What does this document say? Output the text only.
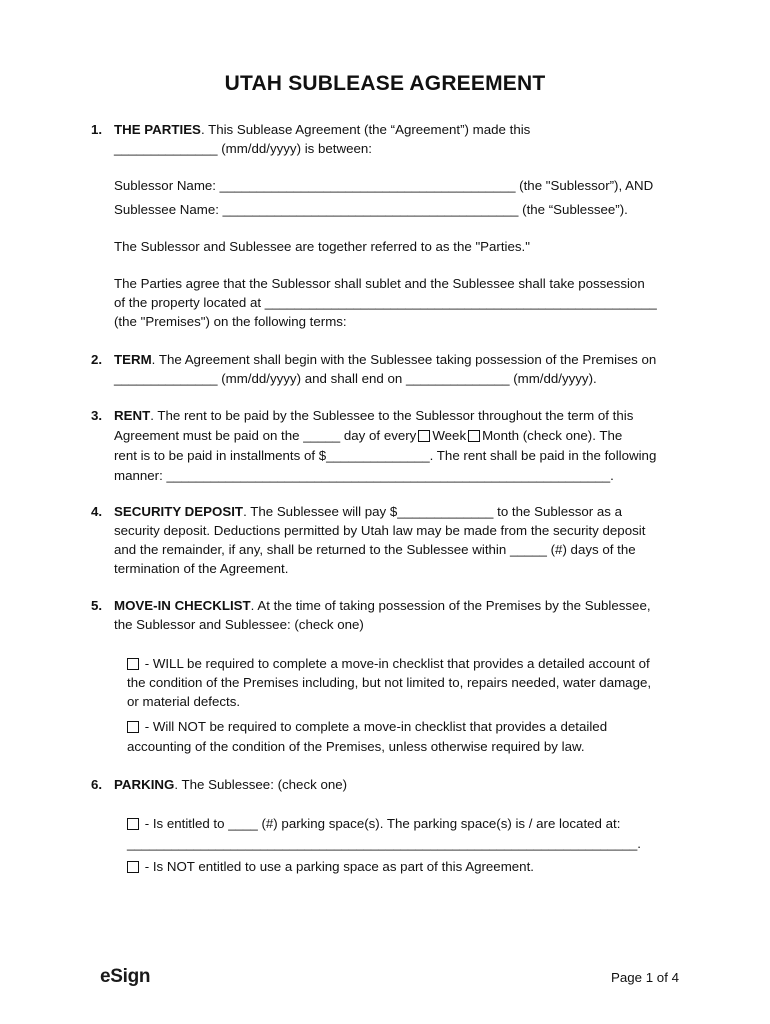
UTAH SUBLEASE AGREEMENT
1. THE PARTIES. This Sublease Agreement (the “Agreement”) made this
______________ (mm/dd/yyyy) is between:
Sublessor Name: ________________________________________ (the "Sublessor”), AND
Sublessee Name: ________________________________________ (the “Sublessee”).
The Sublessor and Sublessee are together referred to as the "Parties."
The Parties agree that the Sublessor shall sublet and the Sublessee shall take possession
of the property located at _____________________________________________________
(the "Premises") on the following terms:
2. TERM. The Agreement shall begin with the Sublessee taking possession of the Premises on
______________ (mm/dd/yyyy) and shall end on ______________ (mm/dd/yyyy).
3. RENT. The rent to be paid by the Sublessee to the Sublessor throughout the term of this
Agreement must be paid on the _____ day of every Week Month (check one). The
rent is to be paid in installments of $______________. The rent shall be paid in the following
manner: ____________________________________________________________.
4. SECURITY DEPOSIT. The Sublessee will pay $_____________ to the Sublessor as a
security deposit. Deductions permitted by Utah law may be made from the security deposit
and the remainder, if any, shall be returned to the Sublessee within _____ (#) days of the
termination of the Agreement.
5. MOVE-IN CHECKLIST. At the time of taking possession of the Premises by the Sublessee,
the Sublessor and Sublessee: (check one)
- WILL be required to complete a move-in checklist that provides a detailed account of
the condition of the Premises including, but not limited to, repairs needed, water damage,
or material defects.
- Will NOT be required to complete a move-in checklist that provides a detailed
accounting of the condition of the Premises, unless otherwise required by law.
6. PARKING. The Sublessee: (check one)
- Is entitled to ____ (#) parking space(s). The parking space(s) is / are located at:
_____________________________________________________________________.
- Is NOT entitled to use a parking space as part of this Agreement.
eSign	Page 1 of 4
